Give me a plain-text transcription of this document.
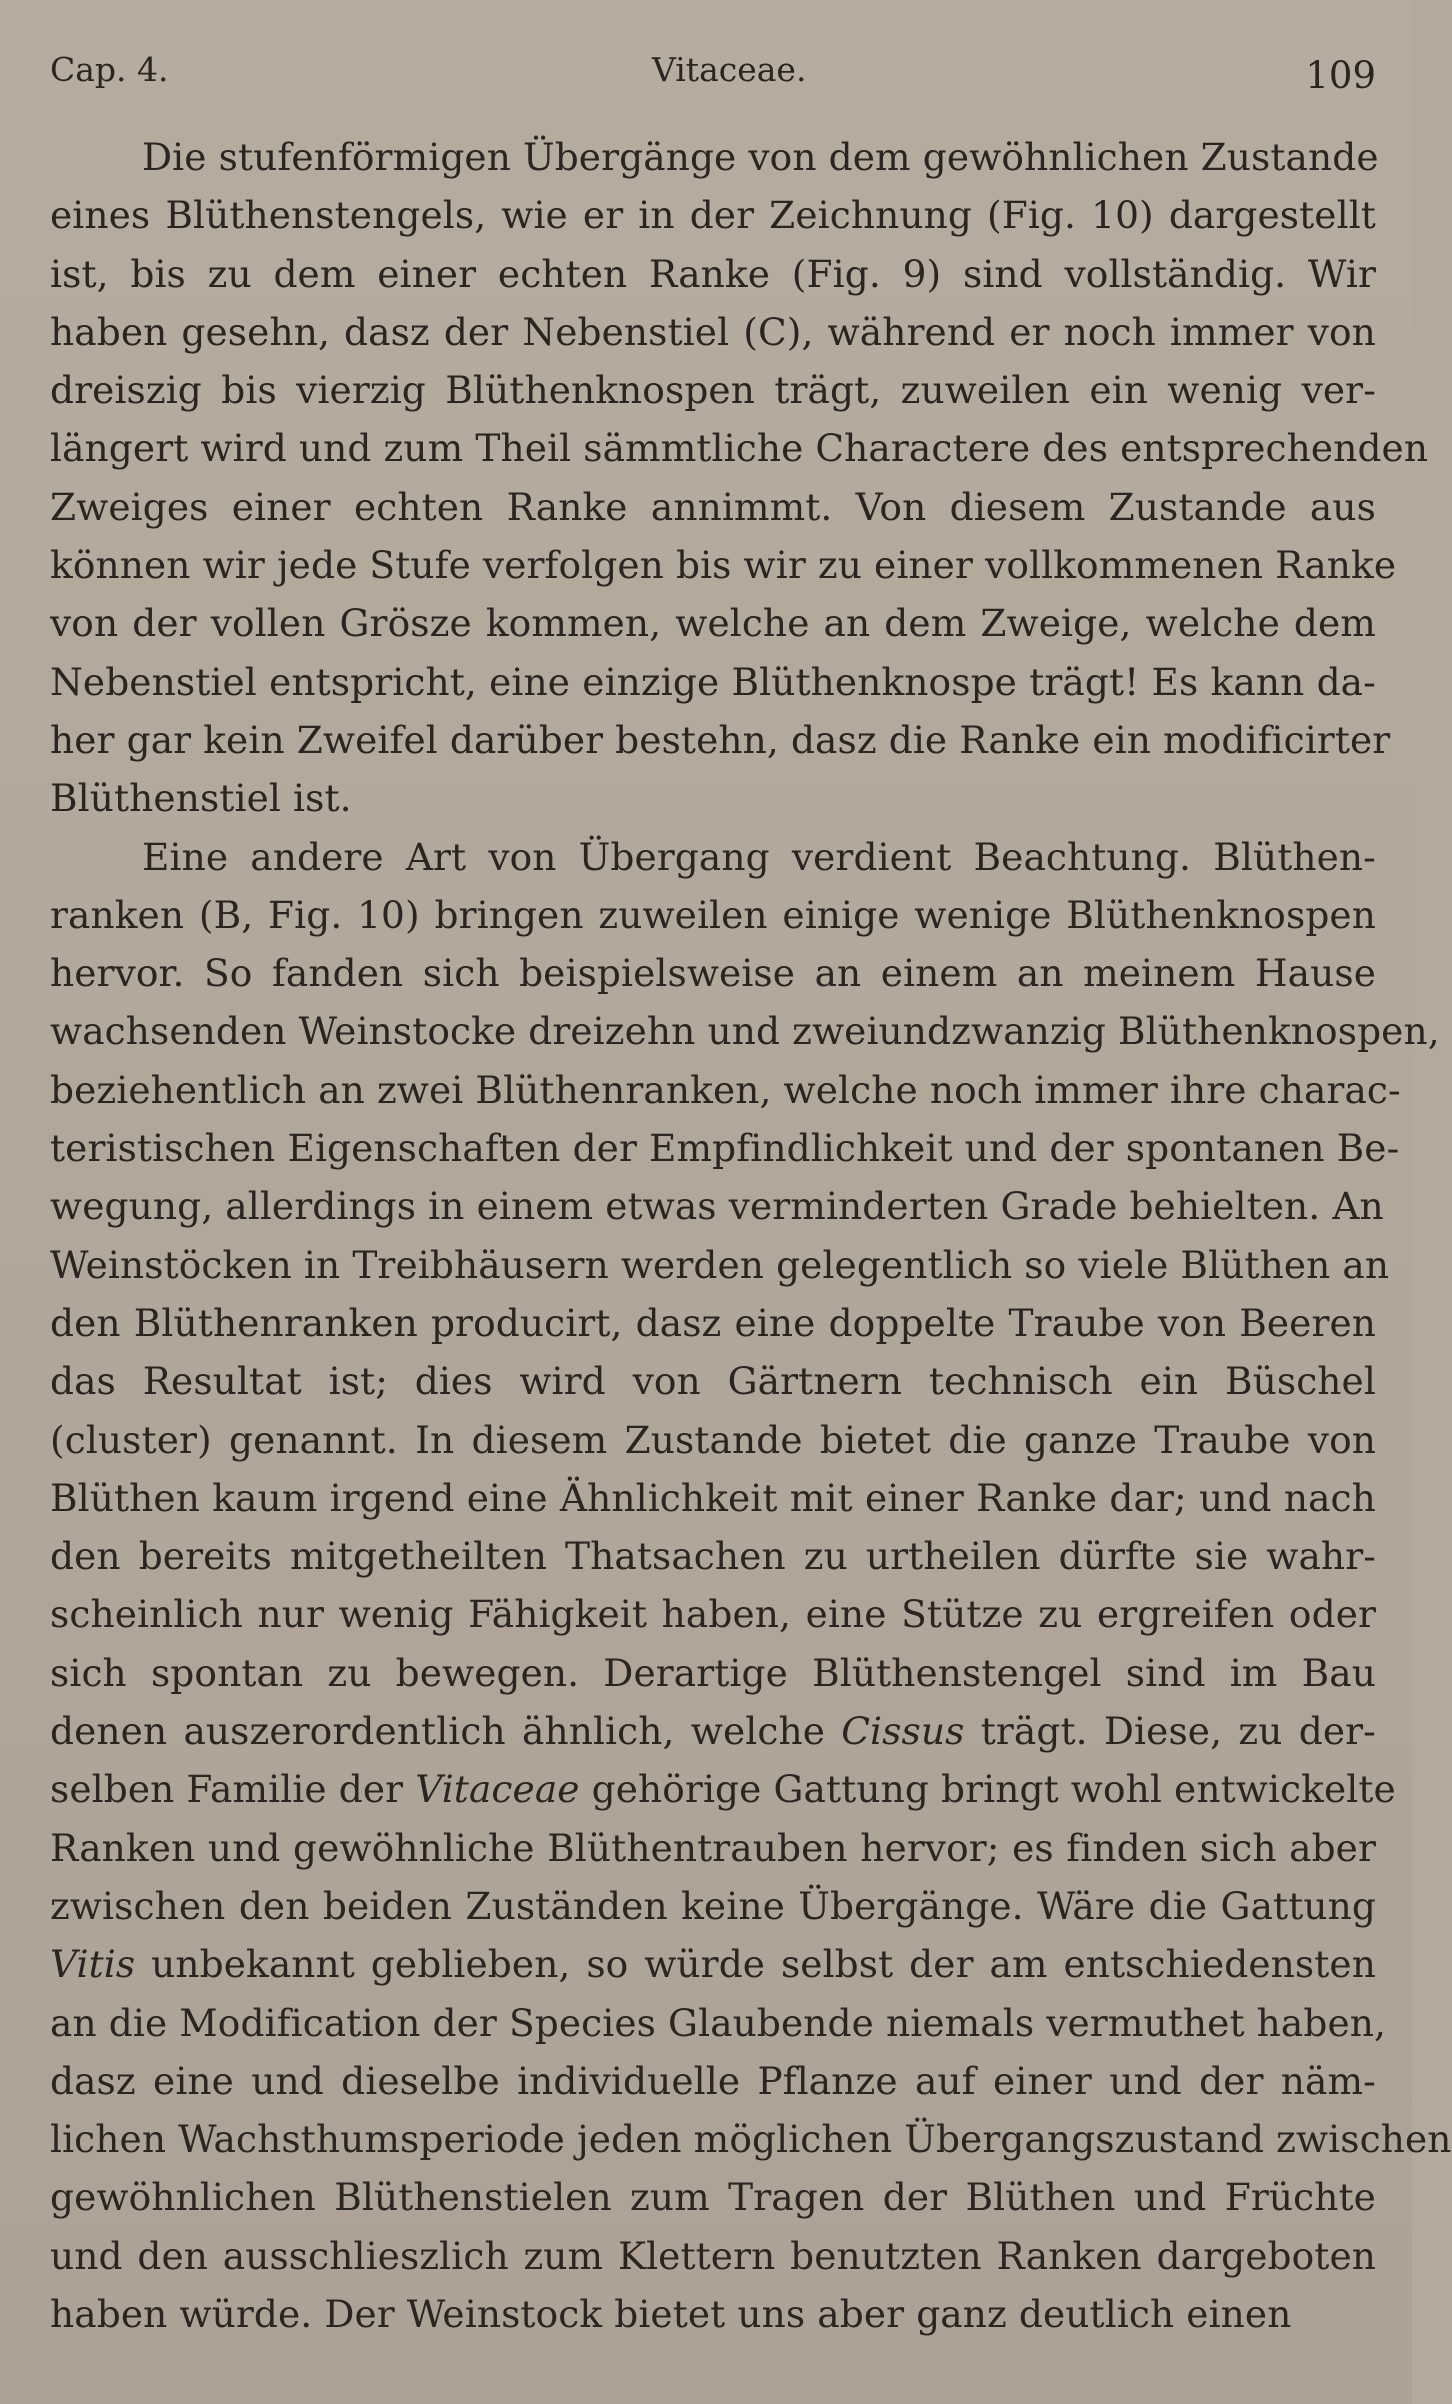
Cap. 4.	Vitaceae.	109

Die stufenförmigen Übergänge von dem gewöhnlichen Zustande

eines Blüthenstengels, wie er in der Zeichnung (Fig. 10) dargestellt

ist, bis zu dem einer echten Ranke (Fig. 9) sind vollständig. Wir

haben gesehn, dasz der Nebenstiel (C), während er noch immer von

dreiszig bis vierzig Blüthenknospen trägt, zuweilen ein wenig ver-

längert wird und zum Theil sämmtliche Charactere des entsprechenden

Zweiges einer echten Ranke annimmt. Von diesem Zustande aus

können wir jede Stufe verfolgen bis wir zu einer vollkommenen Ranke

von der vollen Grösze kommen, welche an dem Zweige, welche dem

Nebenstiel entspricht, eine einzige Blüthenknospe trägt! Es kann da-

her gar kein Zweifel darüber bestehn, dasz die Ranke ein modificirter

Blüthenstiel ist.

Eine andere Art von Übergang verdient Beachtung. Blüthen-

ranken (B, Fig. 10) bringen zuweilen einige wenige Blüthenknospen

hervor. So fanden sich beispielsweise an einem an meinem Hause

wachsenden Weinstocke dreizehn und zweiundzwanzig Blüthenknospen,

beziehentlich an zwei Blüthenranken, welche noch immer ihre charac-

teristischen Eigenschaften der Empfindlichkeit und der spontanen Be-

wegung, allerdings in einem etwas verminderten Grade behielten. An

Weinstöcken in Treibhäusern werden gelegentlich so viele Blüthen an

den Blüthenranken producirt, dasz eine doppelte Traube von Beeren

das Resultat ist; dies wird von Gärtnern technisch ein Büschel

(cluster) genannt. In diesem Zustande bietet die ganze Traube von

Blüthen kaum irgend eine Ähnlichkeit mit einer Ranke dar; und nach

den bereits mitgetheilten Thatsachen zu urtheilen dürfte sie wahr-

scheinlich nur wenig Fähigkeit haben, eine Stütze zu ergreifen oder

sich spontan zu bewegen. Derartige Blüthenstengel sind im Bau

denen auszerordentlich ähnlich, welche Cissus trägt. Diese, zu der-

selben Familie der Vitaceae gehörige Gattung bringt wohl entwickelte

Ranken und gewöhnliche Blüthentrauben hervor; es finden sich aber

zwischen den beiden Zuständen keine Übergänge. Wäre die Gattung

Vitis unbekannt geblieben, so würde selbst der am entschiedensten

an die Modification der Species Glaubende niemals vermuthet haben,

dasz eine und dieselbe individuelle Pflanze auf einer und der näm-

lichen Wachsthumsperiode jeden möglichen Übergangszustand zwischen

gewöhnlichen Blüthenstielen zum Tragen der Blüthen und Früchte

und den ausschlieszlich zum Klettern benutzten Ranken dargeboten

haben würde. Der Weinstock bietet uns aber ganz deutlich einen
